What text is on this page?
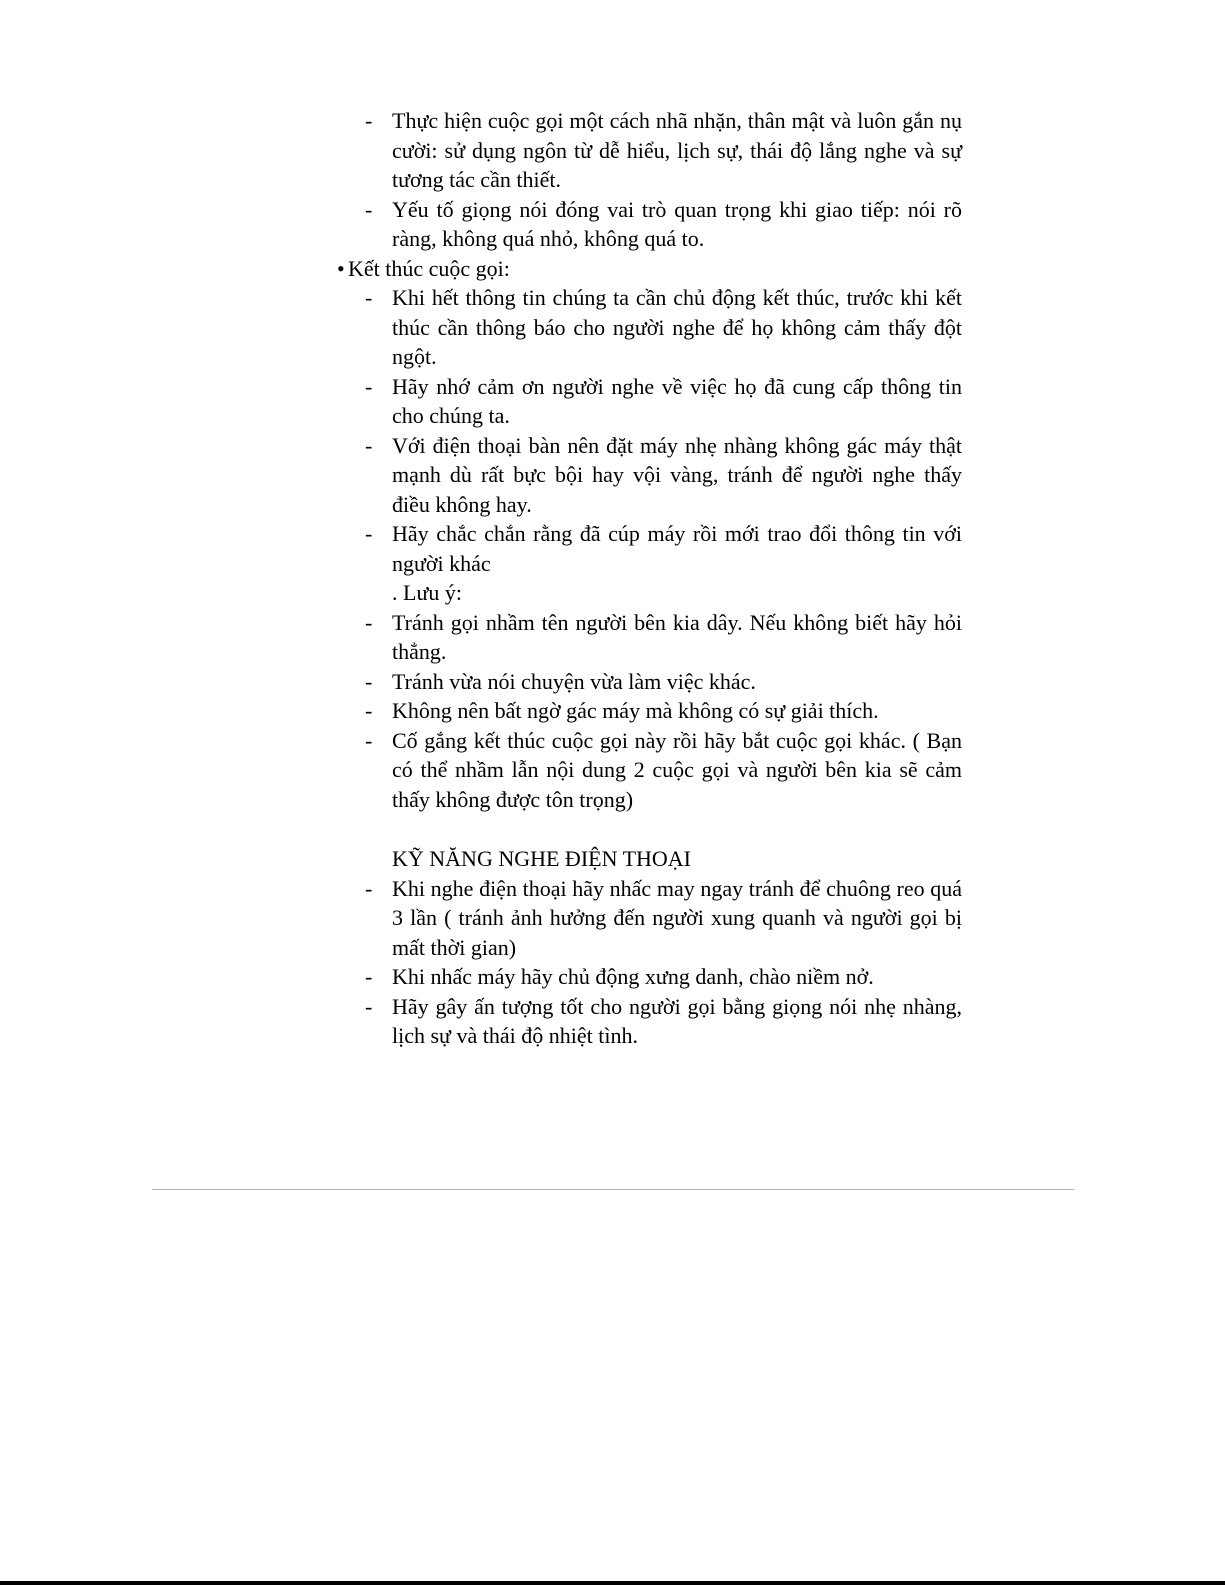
- Thực hiện cuộc gọi một cách nhã nhặn, thân mật và luôn gắn nụ cười: sử dụng ngôn từ dễ hiểu, lịch sự, thái độ lắng nghe và sự tương tác cần thiết.
- Yếu tố giọng nói đóng vai trò quan trọng khi giao tiếp: nói rõ ràng, không quá nhỏ, không quá to.
• Kết thúc cuộc gọi:
- Khi hết thông tin chúng ta cần chủ động kết thúc, trước khi kết thúc cần thông báo cho người nghe để họ không cảm thấy đột ngột.
- Hãy nhớ cảm ơn người nghe về việc họ đã cung cấp thông tin cho chúng ta.
- Với điện thoại bàn nên đặt máy nhẹ nhàng không gác máy thật mạnh dù rất bực bội hay vội vàng, tránh để người nghe thấy điều không hay.
- Hãy chắc chắn rằng đã cúp máy rồi mới trao đổi thông tin với người khác
. Lưu ý:
- Tránh gọi nhầm tên người bên kia dây. Nếu không biết hãy hỏi thẳng.
- Tránh vừa nói chuyện vừa làm việc khác.
- Không nên bất ngờ gác máy mà không có sự giải thích.
- Cố gắng kết thúc cuộc gọi này rồi hãy bắt cuộc gọi khác. ( Bạn có thể nhầm lẫn nội dung 2 cuộc gọi và người bên kia sẽ cảm thấy không được tôn trọng)
KỸ NĂNG NGHE ĐIỆN THOẠI
- Khi nghe điện thoại hãy nhấc may ngay tránh để chuông reo quá 3 lần ( tránh ảnh hưởng đến người xung quanh và người gọi bị mất thời gian)
- Khi nhấc máy hãy chủ động xưng danh, chào niềm nở.
- Hãy gây ấn tượng tốt cho người gọi bằng giọng nói nhẹ nhàng, lịch sự và thái độ nhiệt tình.
